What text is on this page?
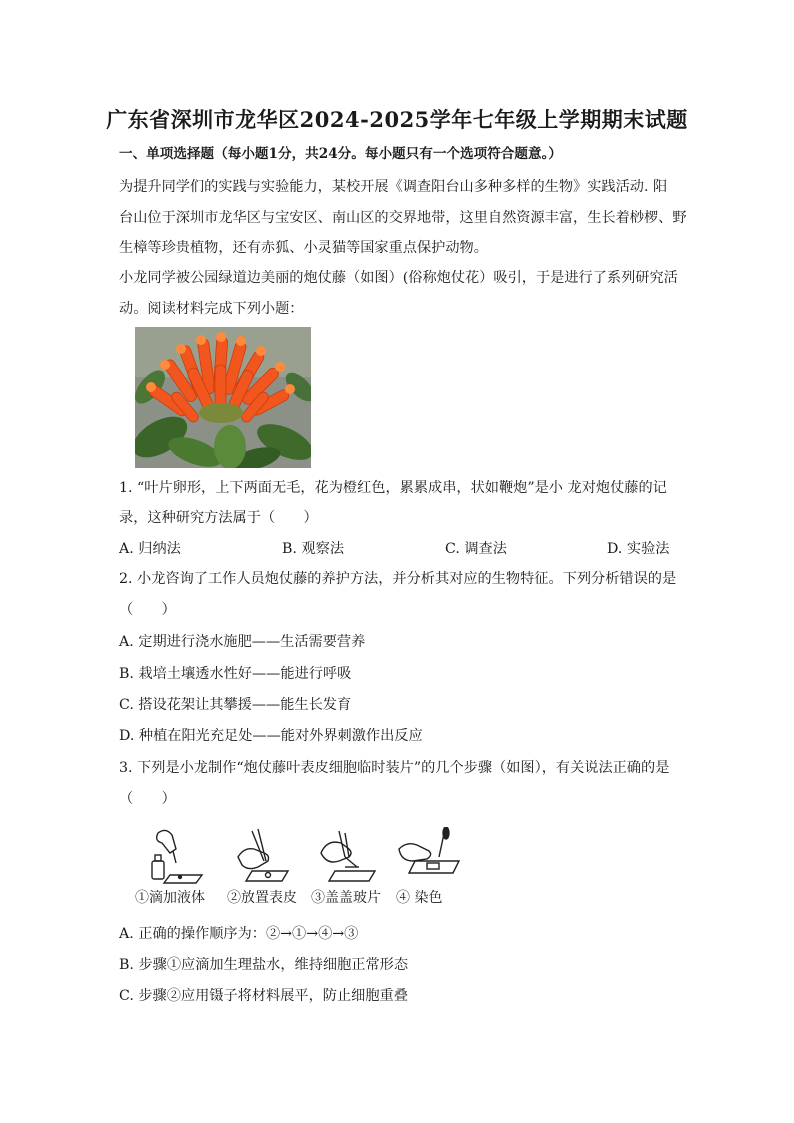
广东省深圳市龙华区2024-2025学年七年级上学期期末试题
一、单项选择题（每小题1分，共24分。每小题只有一个选项符合题意。）
为提升同学们的实践与实验能力，某校开展《调查阳台山多种多样的生物》实践活动. 阳
台山位于深圳市龙华区与宝安区、南山区的交界地带，这里自然资源丰富，生长着桫椤、野
生樟等珍贵植物，还有赤狐、小灵猫等国家重点保护动物。
小龙同学被公园绿道边美丽的炮仗藤（如图）(俗称炮仗花）吸引，于是进行了系列研究活
动。阅读材料完成下列小题：
1. “叶片卵形，上下两面无毛，花为橙红色，累累成串，状如鞭炮”是小 龙对炮仗藤的记
录，这种研究方法属于（　　）
A. 归纳法	B. 观察法	C. 调查法	D. 实验法
2. 小龙咨询了工作人员炮仗藤的养护方法，并分析其对应的生物特征。下列分析错误的是
（　　）
A. 定期进行浇水施肥——生活需要营养
B. 栽培土壤透水性好——能进行呼吸
C. 搭设花架让其攀援——能生长发育
D. 种植在阳光充足处——能对外界刺激作出反应
3. 下列是小龙制作“炮仗藤叶表皮细胞临时装片”的几个步骤（如图），有关说法正确的是
（　　）
①滴加液体 ②放置表皮 ③盖盖玻片 ④ 染色
A. 正确的操作顺序为：②→①→④→③
B. 步骤①应滴加生理盐水，维持细胞正常形态
C. 步骤②应用镊子将材料展平，防止细胞重叠
